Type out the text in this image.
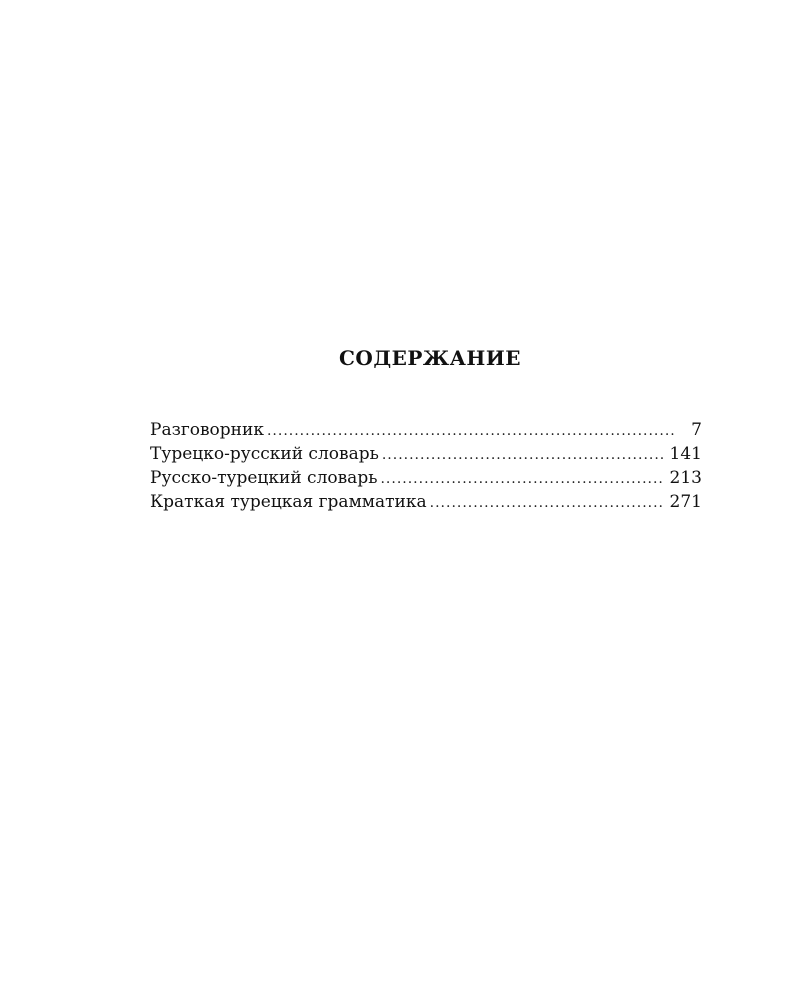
СОДЕРЖАНИЕ
Разговорник .....	7
Турецко-русский словарь .....	141
Русско-турецкий словарь .....	213
Краткая турецкая грамматика .....	271
